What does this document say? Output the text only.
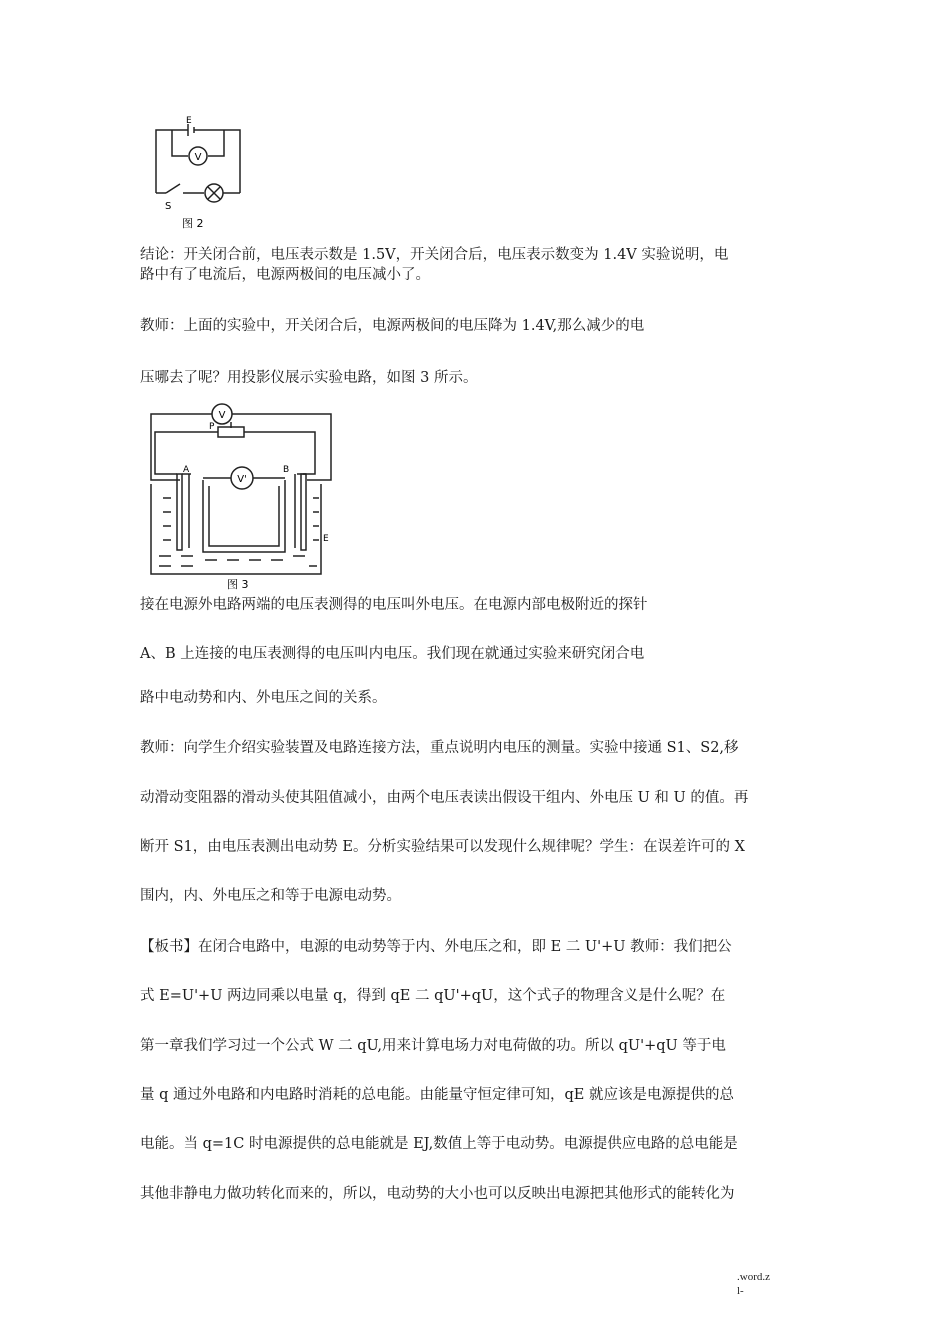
V
E
S
图 2
V
V'
P
A	B
E
图 3
结论：开关闭合前，电压表示数是 1.5V，开关闭合后，电压表示数变为 1.4V 实验说明，电
路中有了电流后，电源两极间的电压减小了。
教师：上面的实验中，开关闭合后，电源两极间的电压降为 1.4V,那么减少的电
压哪去了呢？用投影仪展示实验电路，如图 3 所示。
接在电源外电路两端的电压表测得的电压叫外电压。在电源内部电极附近的探针
A、B 上连接的电压表测得的电压叫内电压。我们现在就通过实验来研究闭合电
路中电动势和内、外电压之间的关系。
教师：向学生介绍实验装置及电路连接方法，重点说明内电压的测量。实验中接通 S1、S2,移
动滑动变阻器的滑动头使其阻值减小，由两个电压表读出假设干组内、外电压 U 和 U 的值。再
断开 S1，由电压表测出电动势 E。分析实验结果可以发现什么规律呢？学生：在误差许可的 X
围内，内、外电压之和等于电源电动势。
【板书】在闭合电路中，电源的电动势等于内、外电压之和，即 E 二 U'+U 教师：我们把公
式 E=U'+U 两边同乘以电量 q，得到 qE 二 qU'+qU，这个式子的物理含义是什么呢？在
第一章我们学习过一个公式 W 二 qU,用来计算电场力对电荷做的功。所以 qU'+qU 等于电
量 q 通过外电路和内电路时消耗的总电能。由能量守恒定律可知，qE 就应该是电源提供的总
电能。当 q=1C 时电源提供的总电能就是 EJ,数值上等于电动势。电源提供应电路的总电能是
其他非静电力做功转化而来的，所以，电动势的大小也可以反映出电源把其他形式的能转化为
.word.z
l-
